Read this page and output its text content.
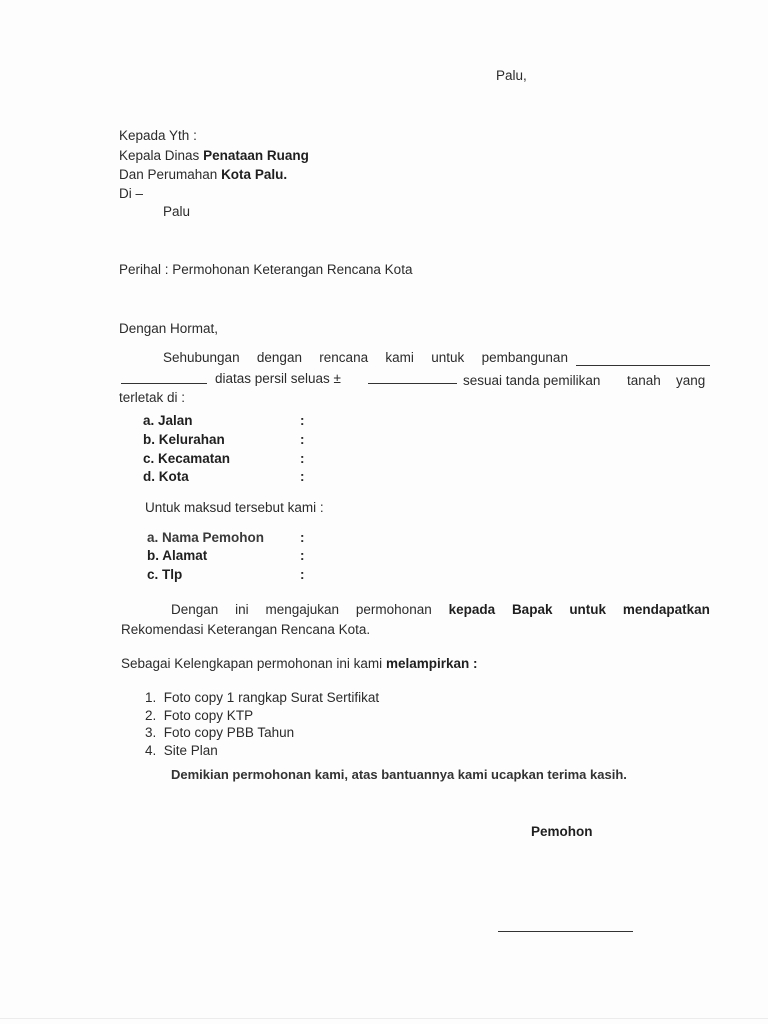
Palu,
Kepada Yth :
Kepala Dinas Penataan Ruang
Dan Perumahan Kota Palu.
Di –
Palu
Perihal : Permohonan Keterangan Rencana Kota
Dengan Hormat,
Sehubungan dengan rencana kami untuk pembangunan
diatas persil seluas ±	sesuai tanda pemilikan tanah yang
terletak di :
a. Jalan	:
b. Kelurahan	:
c. Kecamatan	:
d. Kota	:
Untuk maksud tersebut kami :
a. Nama Pemohon	:
b. Alamat	:
c. Tlp	:
Dengan ini mengajukan permohonan kepada Bapak untuk mendapatkan
Rekomendasi Keterangan Rencana Kota.
Sebagai Kelengkapan permohonan ini kami melampirkan :
1. Foto copy 1 rangkap Surat Sertifikat
2. Foto copy KTP
3. Foto copy PBB Tahun
4. Site Plan
Demikian permohonan kami, atas bantuannya kami ucapkan terima kasih.
Pemohon
